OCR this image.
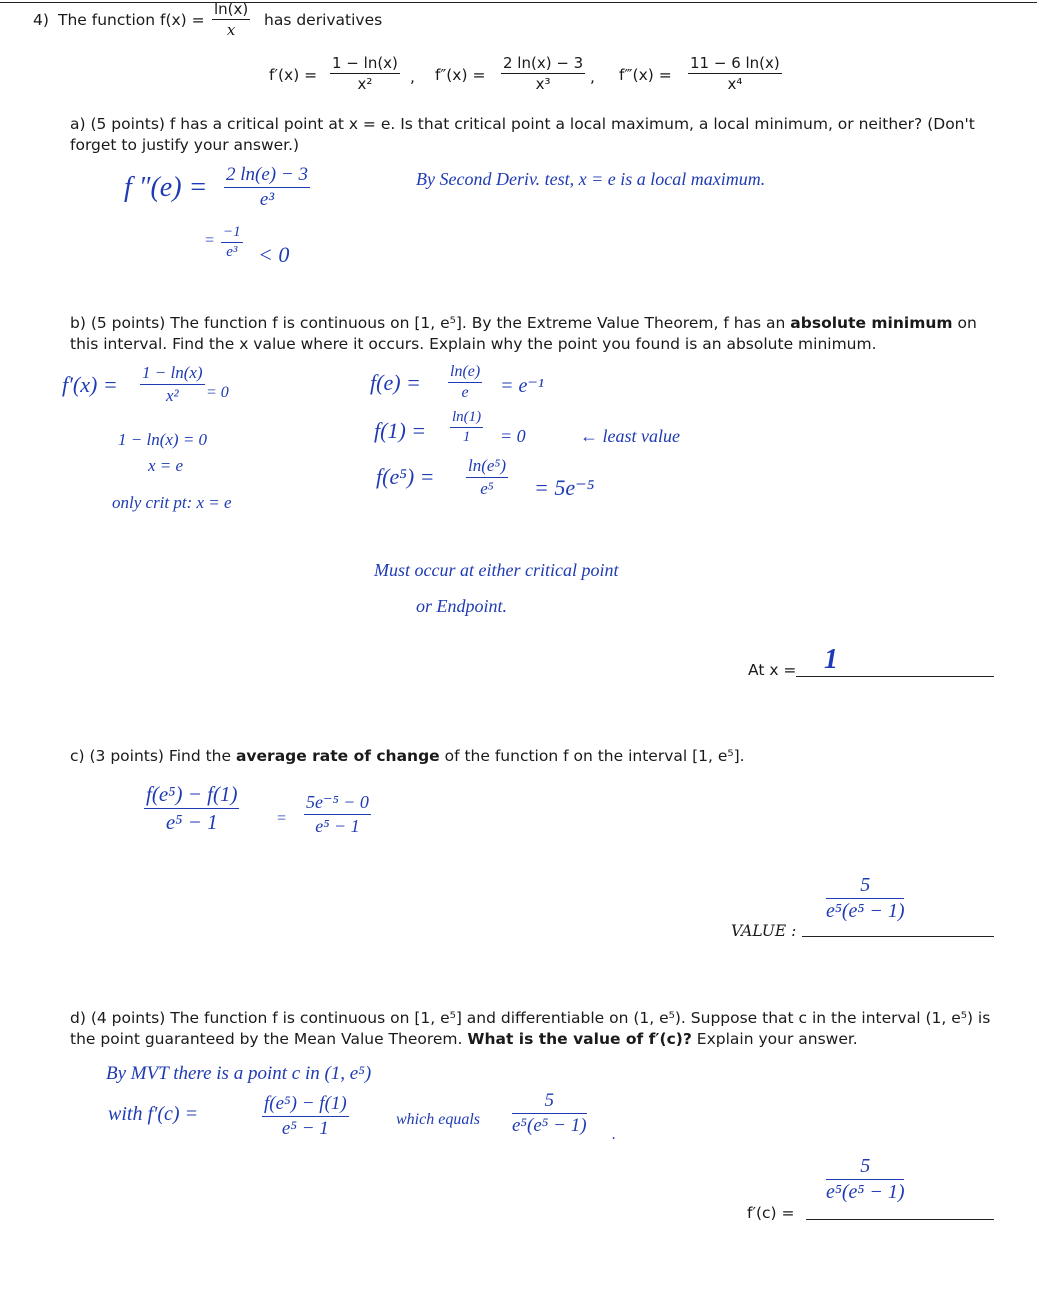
4) The function $f(x) = \frac{\ln(x)}{x}$ has derivatives
$f'(x) = \frac{1 - \ln(x)}{\text{x²}}$ , $f''(x) = \frac{2 \ln(x) - 3}{\text{x³}}$ , f‴(x) = $\frac{11 - 6 \ln(x)}{\text{x⁴}}$
a) (5 points) f has a critical point at x = e. Is that critical point a local maximum, a local minimum, or neither? (Don't forget to justify your answer.)
f $''(e) = \frac{2 \ln(e) - 3}{\text{e³}}$
= $\frac{-1}{\text{e³}} < 0$
By Second Deriv. test, x = e is a local maximum.
b) (5 points) The function f is continuous on [1, e⁵]. By the Extreme Value Theorem, f has an absolute minimum on this interval. Find the x value where it occurs. Explain why the point you found is an absolute minimum.
$f'(x) = \frac{1 - \ln(x)}{\text{x²}} = 0$
1 − ln(x) = 0
x = e
only crit pt: x = e
$f(e) = \frac{\ln(e)}{e} = e^{-1}$
$f(1) = \frac{\ln(1)}{1} = 0$	← least value
$f(e^5) = \frac{\text{ln(e⁵)}}{\text{e⁵}} = 5e^{-5}$
Must occur at either critical point
or Endpoint.
At x = 1
c) (3 points) Find the average rate of change of the function f on the interval [1, e⁵].
$\frac{\text{f(e⁵) − f(1)}}{\text{e⁵ − 1}} = \frac{\text{5e⁻⁵ − 0}}{\text{e⁵ − 1}}$
VALUE :
$\frac{5}{\text{e⁵(e⁵ − 1)}}$
d) (4 points) The function f is continuous on [1, e⁵] and differentiable on (1, e⁵). Suppose that c in the interval (1, e⁵) is the point guaranteed by the Mean Value Theorem. What is the value of f′(c)? Explain your answer.
By MVT there is a point c in (1, e⁵)
with f′(c) =	$\frac{\text{f(e⁵) − f(1)}}{\text{e⁵ − 1}}$	which equals $\frac{5}{\text{e⁵(e⁵ − 1)}}$ .
f′(c) =
$\frac{5}{\text{e⁵(e⁵ − 1)}}$
